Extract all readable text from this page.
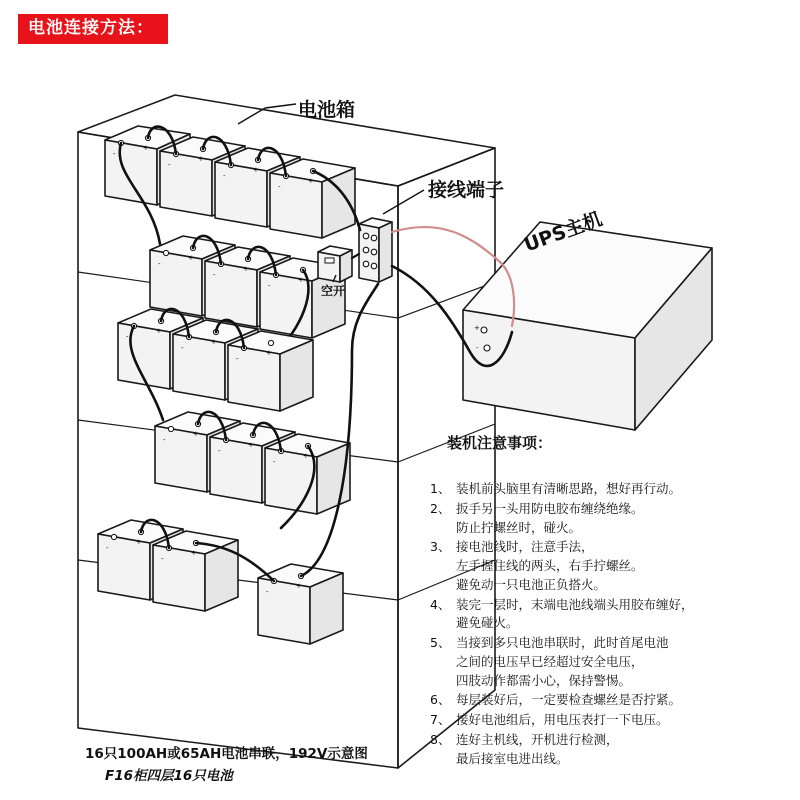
电池连接方法：
-
+
-
+
-
+
-
+
-
+
-
+
-
+
-
+
-
+
-
+
-
+
-
+
-
+
-
+
-
+
-
+
+
-
电池箱
接线端子
空开
UPS主机
装机注意事项：
1、 装机前头脑里有清晰思路，想好再行动。
2、 扳手另一头用防电胶布缠绕绝缘。
防止拧螺丝时，碰火。
3、 接电池线时，注意手法，
左手握住线的两头，右手拧螺丝。
避免动一只电池正负搭火。
4、 装完一层时，末端电池线端头用胶布缠好，
避免碰火。
5、 当接到多只电池串联时，此时首尾电池
之间的电压早已经超过安全电压，
四肢动作都需小心，保持警惕。
6、 每层装好后，一定要检查螺丝是否拧紧。
7、 接好电池组后，用电压表打一下电压。
8、 连好主机线，开机进行检测，
最后接室电进出线。
16只100AH或65AH电池串联，192V示意图
F16柜四层16只电池
